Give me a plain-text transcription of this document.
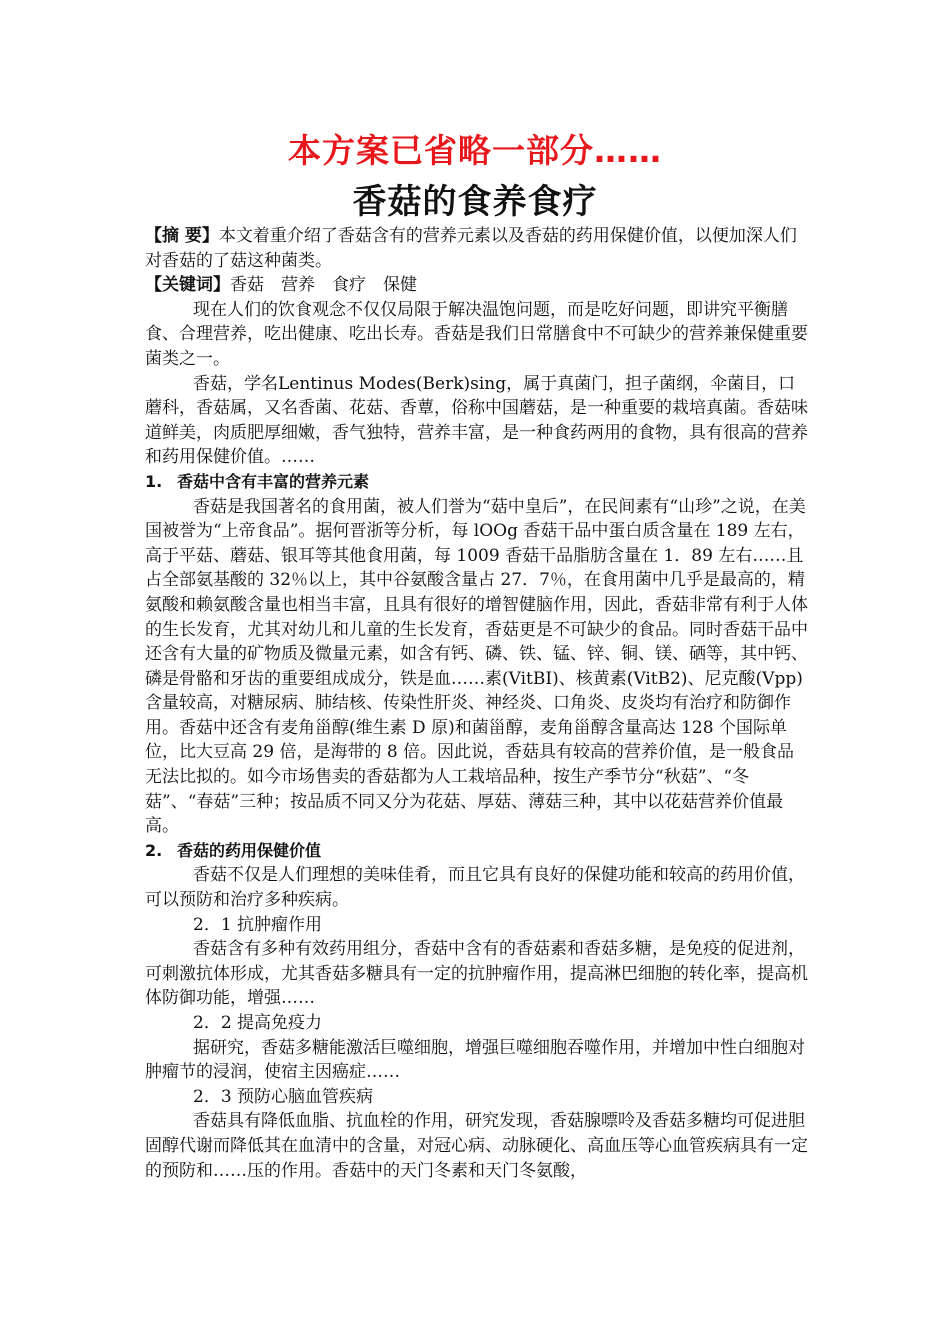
本方案已省略一部分……
香菇的食养食疗

【摘 要】本文着重介绍了香菇含有的营养元素以及香菇的药用保健价值，以便加深人们对香菇的了菇这种菌类。

【关键词】香菇　营养　食疗　保健

现在人们的饮食观念不仅仅局限于解决温饱问题，而是吃好问题，即讲究平衡膳食、合理营养，吃出健康、吃出长寿。香菇是我们日常膳食中不可缺少的营养兼保健重要菌类之一。

香菇，学名Lentinus Modes(Berk)sing，属于真菌门，担子菌纲，伞菌目，口蘑科，香菇属，又名香菌、花菇、香蕈，俗称中国蘑菇，是一种重要的栽培真菌。香菇味道鲜美，肉质肥厚细嫩，香气独特，营养丰富，是一种食药两用的食物，具有很高的营养和药用保健价值。……

1. 香菇中含有丰富的营养元素

香菇是我国著名的食用菌，被人们誉为“菇中皇后”，在民间素有“山珍”之说，在美国被誉为“上帝食品”。据何晋浙等分析，每 lOOg 香菇干品中蛋白质含量在 189 左右，高于平菇、蘑菇、银耳等其他食用菌，每 1009 香菇干品脂肪含量在 1．89 左右……且占全部氨基酸的 32％以上，其中谷氨酸含量占 27．7％，在食用菌中几乎是最高的，精氨酸和赖氨酸含量也相当丰富，且具有很好的增智健脑作用，因此，香菇非常有利于人体的生长发育，尤其对幼儿和儿童的生长发育，香菇更是不可缺少的食品。同时香菇干品中还含有大量的矿物质及微量元素，如含有钙、磷、铁、锰、锌、铜、镁、硒等，其中钙、磷是骨骼和牙齿的重要组成成分，铁是血……素(VitBI)、核黄素(VitB2)、尼克酸(Vpp)含量较高，对糖尿病、肺结核、传染性肝炎、神经炎、口角炎、皮炎均有治疗和防御作用。香菇中还含有麦角甾醇(维生素 D 原)和菌甾醇，麦角甾醇含量高达 128 个国际单位，比大豆高 29 倍，是海带的 8 倍。因此说，香菇具有较高的营养价值，是一般食品无法比拟的。如今市场售卖的香菇都为人工栽培品种，按生产季节分“秋菇”、“冬菇”、“春菇”三种；按品质不同又分为花菇、厚菇、薄菇三种，其中以花菇营养价值最高。

2. 香菇的药用保健价值

香菇不仅是人们理想的美味佳肴，而且它具有良好的保健功能和较高的药用价值，可以预防和治疗多种疾病。

2．1 抗肿瘤作用

香菇含有多种有效药用组分，香菇中含有的香菇素和香菇多糖，是免疫的促进剂，可刺激抗体形成，尤其香菇多糖具有一定的抗肿瘤作用，提高淋巴细胞的转化率，提高机体防御功能，增强……

2．2 提高免疫力

据研究，香菇多糖能激活巨噬细胞，增强巨噬细胞吞噬作用，并增加中性白细胞对肿瘤节的浸润，使宿主因癌症……

2．3 预防心脑血管疾病

香菇具有降低血脂、抗血栓的作用，研究发现，香菇腺嘌呤及香菇多糖均可促进胆固醇代谢而降低其在血清中的含量，对冠心病、动脉硬化、高血压等心血管疾病具有一定的预防和……压的作用。香菇中的天门冬素和天门冬氨酸，
